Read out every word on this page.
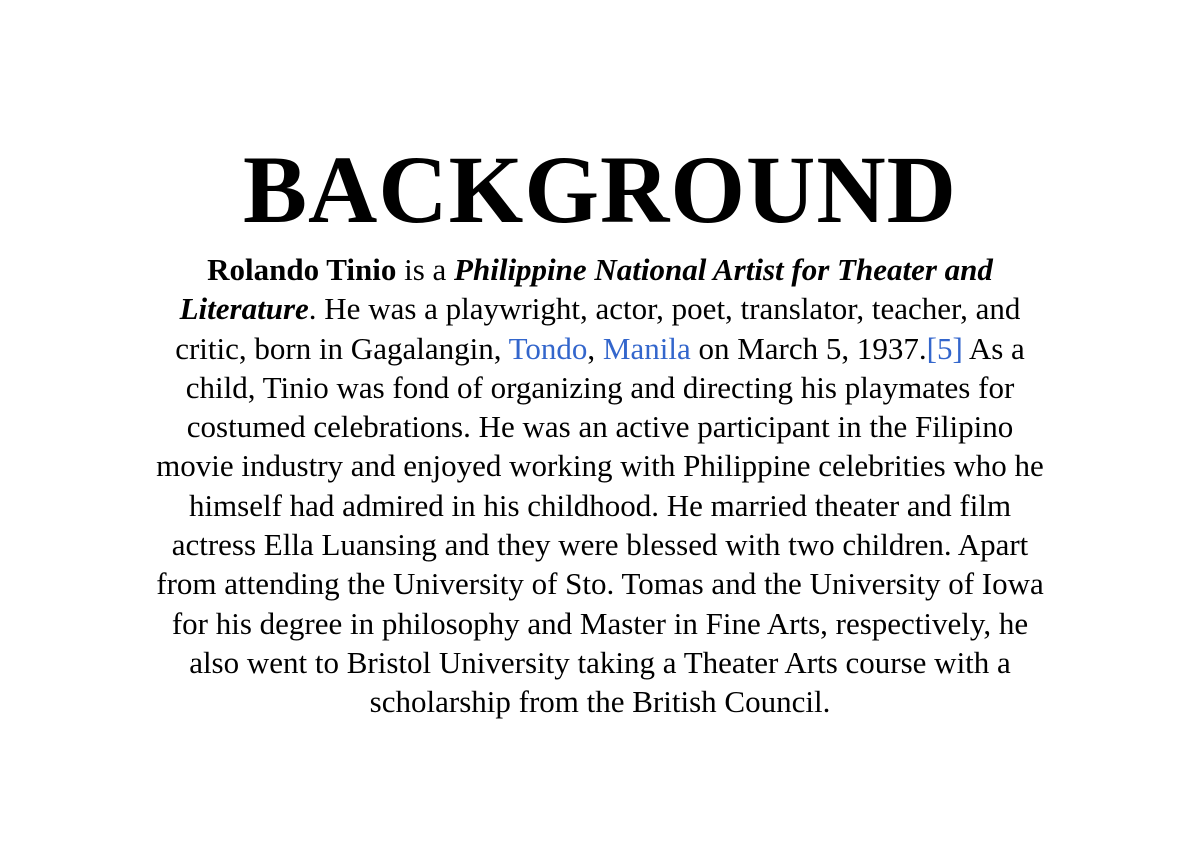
BACKGROUND

Rolando Tinio is a Philippine National Artist for Theater and
Literature. He was a playwright, actor, poet, translator, teacher, and
critic, born in Gagalangin, Tondo, Manila on March 5, 1937.[5] As a
child, Tinio was fond of organizing and directing his playmates for
costumed celebrations. He was an active participant in the Filipino
movie industry and enjoyed working with Philippine celebrities who he
himself had admired in his childhood. He married theater and film
actress Ella Luansing and they were blessed with two children. Apart
from attending the University of Sto. Tomas and the University of Iowa
for his degree in philosophy and Master in Fine Arts, respectively, he
also went to Bristol University taking a Theater Arts course with a
scholarship from the British Council.
